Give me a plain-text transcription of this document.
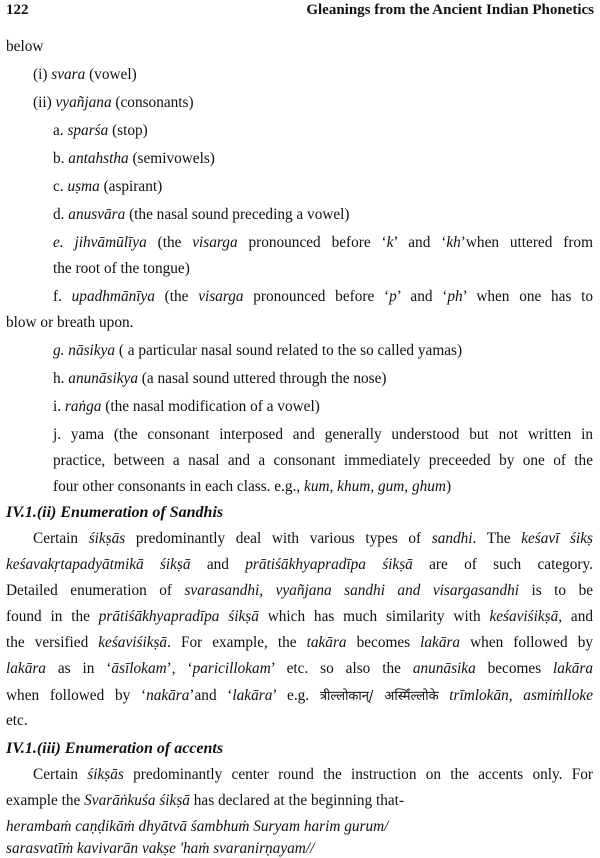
122	Gleanings from the Ancient Indian Phonetics
below
(i) svara (vowel)
(ii) vyañjana (consonants)
a. sparśa (stop)
b. antahstha (semivowels)
c. uṣma (aspirant)
d. anusvāra (the nasal sound preceding a vowel)
e. jihvāmūlīya (the visarga pronounced before ‘k’ and ‘kh’when uttered from
the root of the tongue)
f. upadhmānīya (the visarga pronounced before ‘p’ and ‘ph’ when one has to
blow or breath upon.
g. nāsikya ( a particular nasal sound related to the so called yamas)
h. anunāsikya (a nasal sound uttered through the nose)
i. raṅga (the nasal modification of a vowel)
j. yama (the consonant interposed and generally understood but not written in
practice, between a nasal and a consonant immediately preceeded by one of the
four other consonants in each class. e.g., kum, khum, gum, ghum)
IV.1.(ii) Enumeration of Sandhis
Certain śikṣās predominantly deal with various types of sandhi. The keśavī śikṣ
keśavakṛtapadyātmikā śikṣā and prātiśākhyapradīpa śikṣā are of such category.
Detailed enumeration of svarasandhi, vyañjana sandhi and visargasandhi is to be
found in the prātiśākhyapradīpa śikṣā which has much similarity with keśaviśikṣā, and
the versified keśaviśikṣā. For example, the takāra becomes lakāra when followed by
lakāra as in ‘āsīlokam’, ‘paricillokam’ etc. so also the anunāsika becomes lakāra
when followed by ‘nakāra’and ‘lakāra’ e.g. त्रील्लोकान्/ अस्मिँल्लोके trīmlokān, asmiṁlloke
etc.
IV.1.(iii) Enumeration of accents
Certain śikṣās predominantly center round the instruction on the accents only. For
example the Svarāṅkuśa śikṣā has declared at the beginning that-
herambaṁ caṇḍikāṁ dhyātvā śambhuṁ Suryam harim gurum/
sarasvatīṁ kavivarān vakṣe 'haṁ svaranirṇayam//
